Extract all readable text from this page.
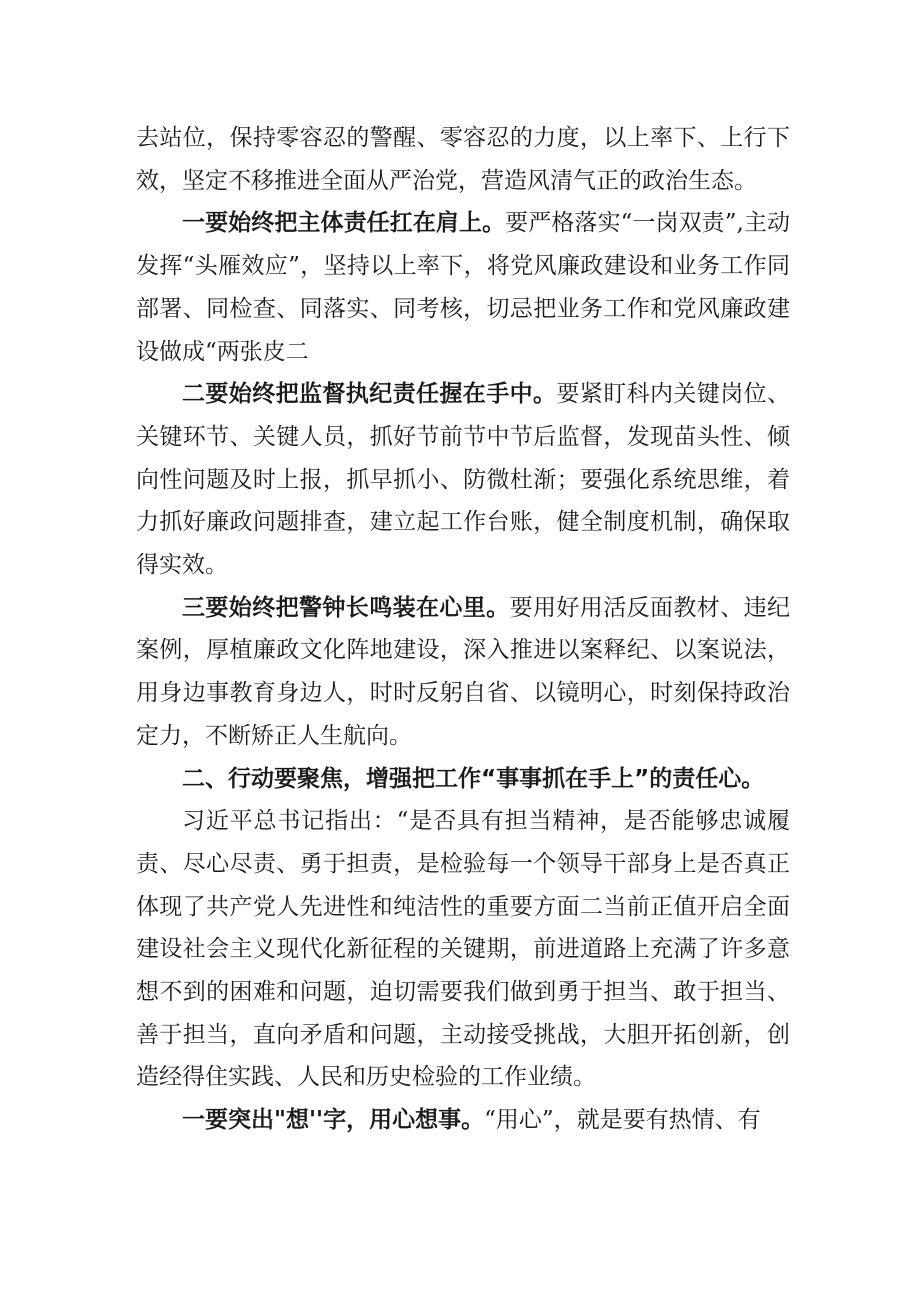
去站位，保持零容忍的警醒、零容忍的力度，以上率下、上行下效，坚定不移推进全面从严治党，营造风清气正的政治生态。

一要始终把主体责任扛在肩上。要严格落实“一岗双责”,主动发挥“头雁效应”，坚持以上率下，将党风廉政建设和业务工作同部署、同检查、同落实、同考核，切忌把业务工作和党风廉政建设做成“两张皮二

二要始终把监督执纪责任握在手中。要紧盯科内关键岗位、关键环节、关键人员，抓好节前节中节后监督，发现苗头性、倾向性问题及时上报，抓早抓小、防微杜渐；要强化系统思维，着力抓好廉政问题排查，建立起工作台账，健全制度机制，确保取得实效。

三要始终把警钟长鸣装在心里。要用好用活反面教材、违纪案例，厚植廉政文化阵地建设，深入推进以案释纪、以案说法，用身边事教育身边人，时时反躬自省、以镜明心，时刻保持政治定力，不断矫正人生航向。

二、行动要聚焦，增强把工作“事事抓在手上”的责任心。

习近平总书记指出：“是否具有担当精神，是否能够忠诚履责、尽心尽责、勇于担责，是检验每一个领导干部身上是否真正体现了共产党人先进性和纯洁性的重要方面二当前正值开启全面建设社会主义现代化新征程的关键期，前进道路上充满了许多意想不到的困难和问题，迫切需要我们做到勇于担当、敢于担当、善于担当，直向矛盾和问题，主动接受挑战，大胆开拓创新，创造经得住实践、人民和历史检验的工作业绩。

一要突出"想''字，用心想事。“用心”，就是要有热情、有
